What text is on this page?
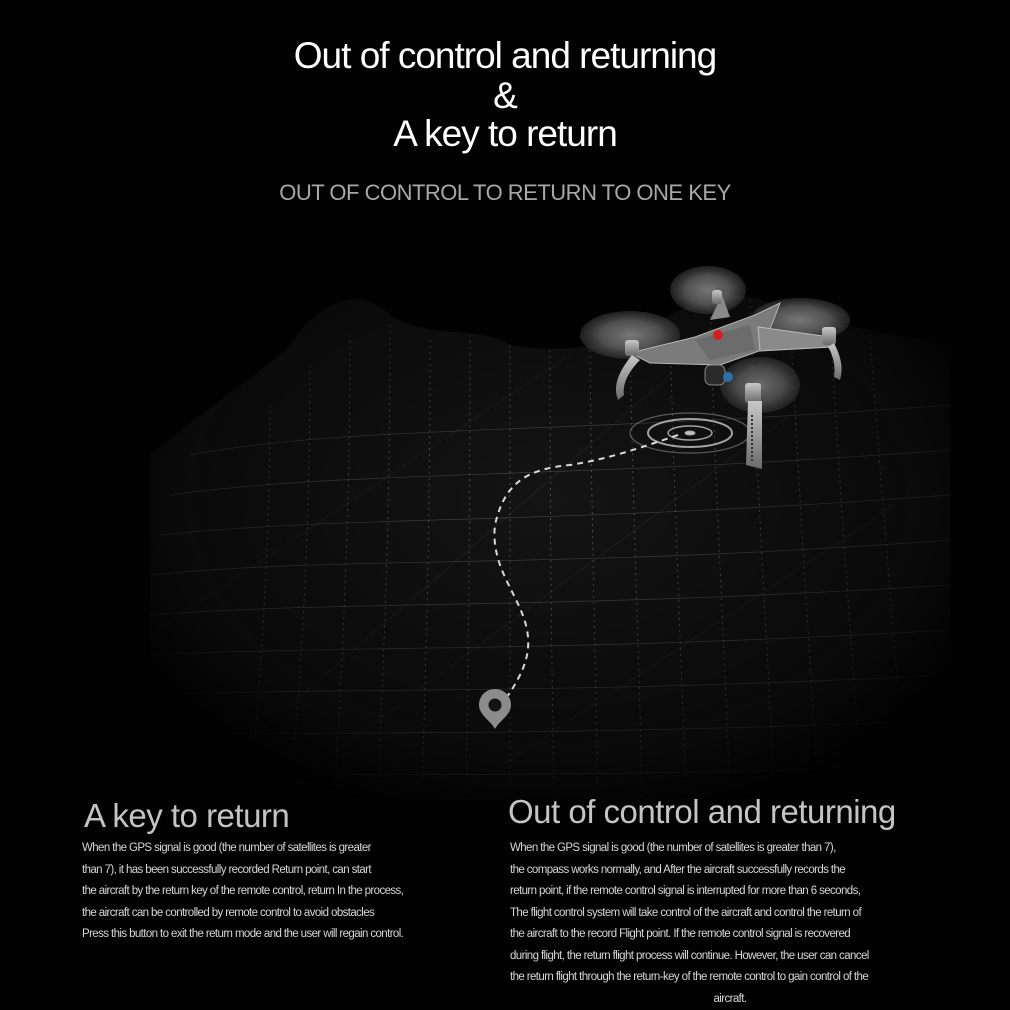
Out of control and returning
&
A key to return
OUT OF CONTROL TO RETURN TO ONE KEY
A key to return
When the GPS signal is good (the number of satellites is greater
than 7), it has been successfully recorded Return point, can start
the aircraft by the return key of the remote control, return In the process,
the aircraft can be controlled by remote control to avoid obstacles
Press this button to exit the return mode and the user will regain control.
Out of control and returning
When the GPS signal is good (the number of satellites is greater than 7),
the compass works normally, and After the aircraft successfully records the
return point, if the remote control signal is interrupted for more than 6 seconds,
The flight control system will take control of the aircraft and control the return of
the aircraft to the record Flight point. If the remote control signal is recovered
during flight, the return flight process will continue. However, the user can cancel
the return flight through the return-key of the remote control to gain control of the
aircraft.
